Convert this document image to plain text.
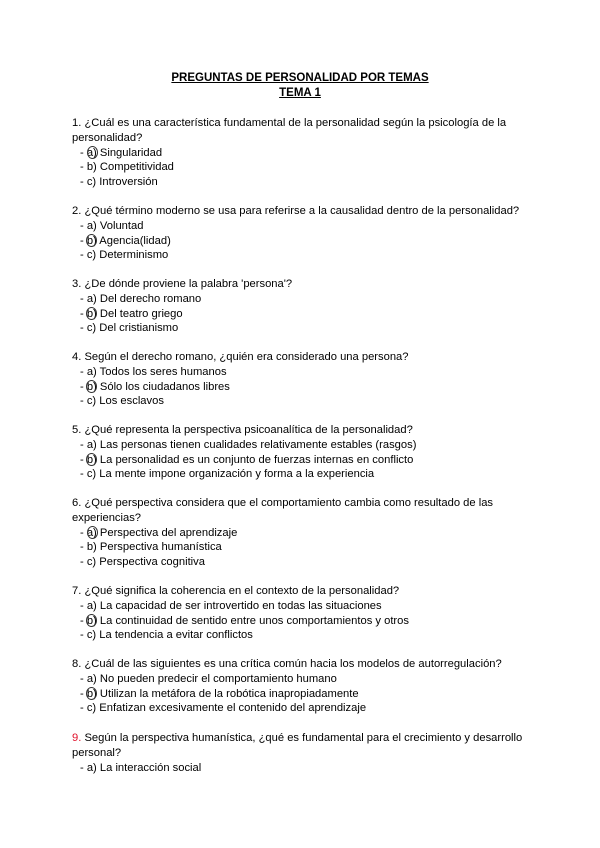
PREGUNTAS DE PERSONALIDAD POR TEMAS

TEMA 1

1. ¿Cuál es una característica fundamental de la personalidad según la psicología de la personalidad?

- a) Singularidad

- b) Competitividad

- c) Introversión

2. ¿Qué término moderno se usa para referirse a la causalidad dentro de la personalidad?

- a) Voluntad

- b) Agencia(lidad)

- c) Determinismo

3. ¿De dónde proviene la palabra 'persona'?

- a) Del derecho romano

- b) Del teatro griego

- c) Del cristianismo

4. Según el derecho romano, ¿quién era considerado una persona?

- a) Todos los seres humanos

- b) Sólo los ciudadanos libres

- c) Los esclavos

5. ¿Qué representa la perspectiva psicoanalítica de la personalidad?

- a) Las personas tienen cualidades relativamente estables (rasgos)

- b) La personalidad es un conjunto de fuerzas internas en conflicto

- c) La mente impone organización y forma a la experiencia

6. ¿Qué perspectiva considera que el comportamiento cambia como resultado de las experiencias?

- a) Perspectiva del aprendizaje

- b) Perspectiva humanística

- c) Perspectiva cognitiva

7. ¿Qué significa la coherencia en el contexto de la personalidad?

- a) La capacidad de ser introvertido en todas las situaciones

- b) La continuidad de sentido entre unos comportamientos y otros

- c) La tendencia a evitar conflictos

8. ¿Cuál de las siguientes es una crítica común hacia los modelos de autorregulación?

- a) No pueden predecir el comportamiento humano

- b) Utilizan la metáfora de la robótica inapropiadamente

- c) Enfatizan excesivamente el contenido del aprendizaje

9. Según la perspectiva humanística, ¿qué es fundamental para el crecimiento y desarrollo personal?

- a) La interacción social
